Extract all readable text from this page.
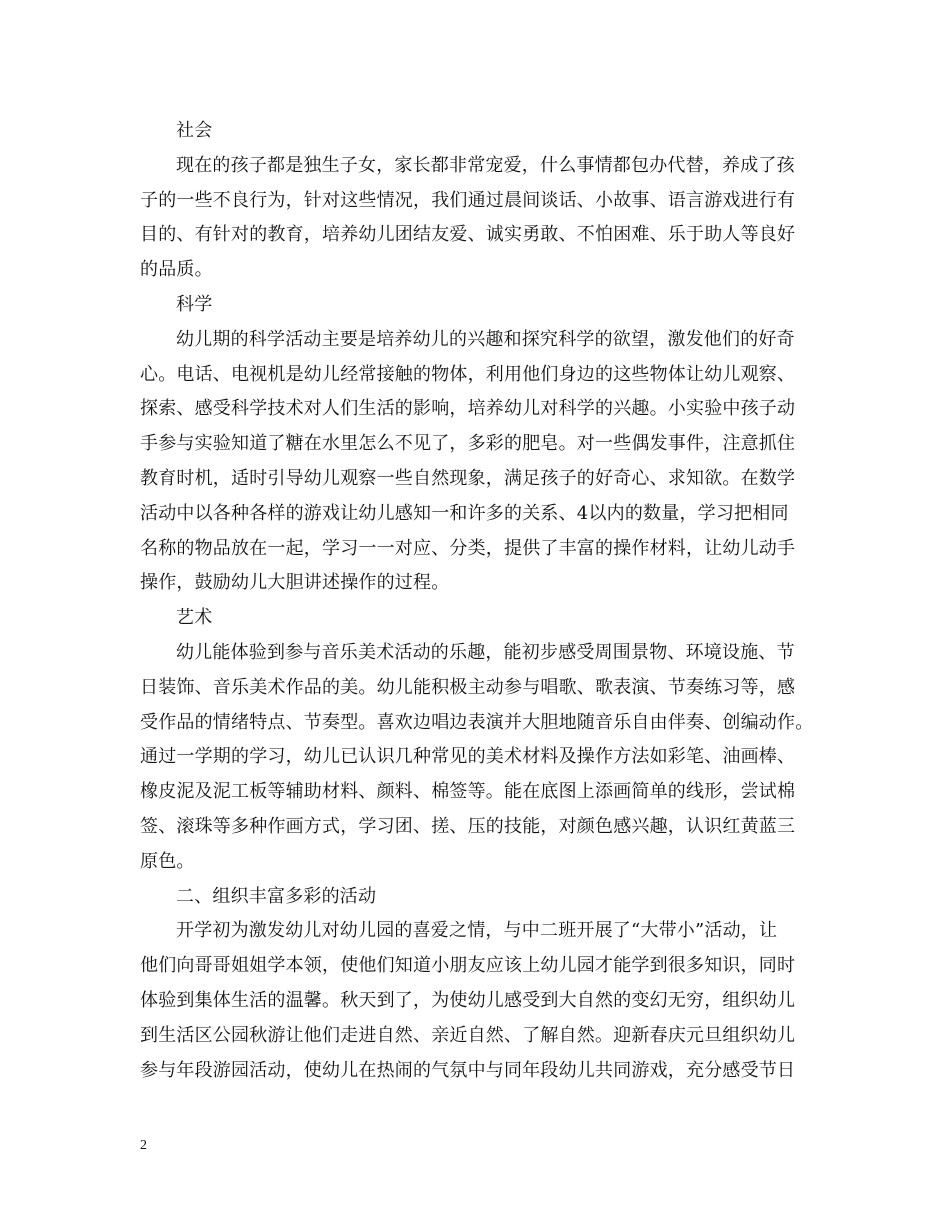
社会
现在的孩子都是独生子女，家长都非常宠爱，什么事情都包办代替，养成了孩
子的一些不良行为，针对这些情况，我们通过晨间谈话、小故事、语言游戏进行有
目的、有针对的教育，培养幼儿团结友爱、诚实勇敢、不怕困难、乐于助人等良好
的品质。
科学
幼儿期的科学活动主要是培养幼儿的兴趣和探究科学的欲望，激发他们的好奇
心。电话、电视机是幼儿经常接触的物体，利用他们身边的这些物体让幼儿观察、
探索、感受科学技术对人们生活的影响，培养幼儿对科学的兴趣。小实验中孩子动
手参与实验知道了糖在水里怎么不见了，多彩的肥皂。对一些偶发事件，注意抓住
教育时机，适时引导幼儿观察一些自然现象，满足孩子的好奇心、求知欲。在数学
活动中以各种各样的游戏让幼儿感知一和许多的关系、4以内的数量，学习把相同
名称的物品放在一起，学习一一对应、分类，提供了丰富的操作材料，让幼儿动手
操作，鼓励幼儿大胆讲述操作的过程。
艺术
幼儿能体验到参与音乐美术活动的乐趣，能初步感受周围景物、环境设施、节
日装饰、音乐美术作品的美。幼儿能积极主动参与唱歌、歌表演、节奏练习等，感
受作品的情绪特点、节奏型。喜欢边唱边表演并大胆地随音乐自由伴奏、创编动作。
通过一学期的学习，幼儿已认识几种常见的美术材料及操作方法如彩笔、油画棒、
橡皮泥及泥工板等辅助材料、颜料、棉签等。能在底图上添画简单的线形，尝试棉
签、滚珠等多种作画方式，学习团、搓、压的技能，对颜色感兴趣，认识红黄蓝三
原色。
二、组织丰富多彩的活动
开学初为激发幼儿对幼儿园的喜爱之情，与中二班开展了“大带小”活动，让
他们向哥哥姐姐学本领，使他们知道小朋友应该上幼儿园才能学到很多知识，同时
体验到集体生活的温馨。秋天到了，为使幼儿感受到大自然的变幻无穷，组织幼儿
到生活区公园秋游让他们走进自然、亲近自然、了解自然。迎新春庆元旦组织幼儿
参与年段游园活动，使幼儿在热闹的气氛中与同年段幼儿共同游戏，充分感受节日
2
